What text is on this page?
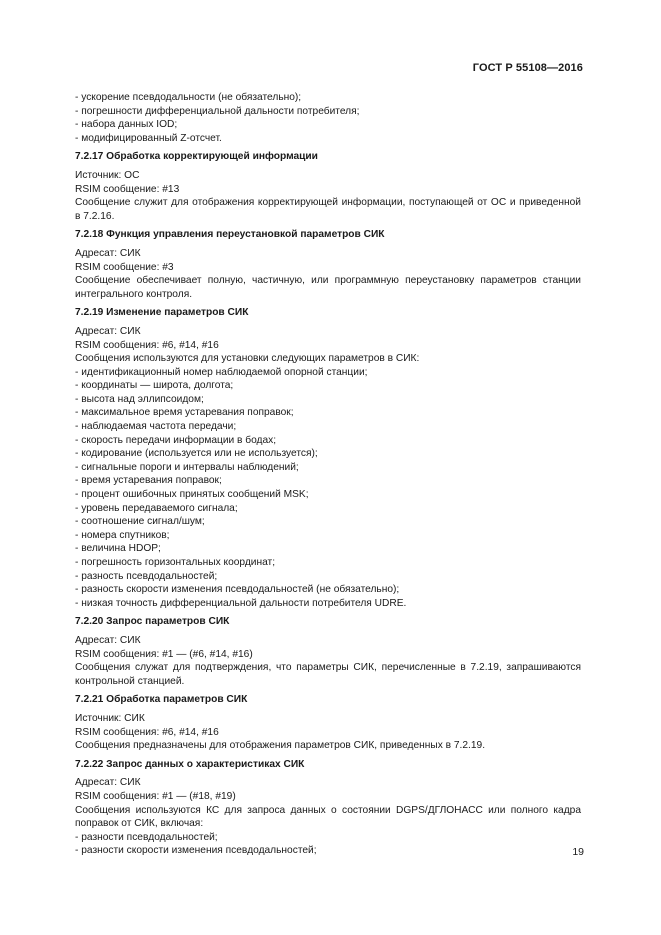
ГОСТ Р 55108—2016
- ускорение псевдодальности (не обязательно);
- погрешности дифференциальной дальности потребителя;
- набора данных IOD;
- модифицированный Z-отсчет.
7.2.17 Обработка корректирующей информации
Источник: ОС
RSIM сообщение: #13
Сообщение служит для отображения корректирующей информации, поступающей от ОС и приведенной в 7.2.16.
7.2.18 Функция управления переустановкой параметров СИК
Адресат: СИК
RSIM сообщение: #3
Сообщение обеспечивает полную, частичную, или программную переустановку параметров станции интегрального контроля.
7.2.19 Изменение параметров СИК
Адресат: СИК
RSIM сообщения: #6, #14, #16
Сообщения используются для установки следующих параметров в СИК:
- идентификационный номер наблюдаемой опорной станции;
- координаты — широта, долгота;
- высота над эллипсоидом;
- максимальное время устаревания поправок;
- наблюдаемая частота передачи;
- скорость передачи информации в бодах;
- кодирование (используется или не используется);
- сигнальные пороги и интервалы наблюдений;
- время устаревания поправок;
- процент ошибочных принятых сообщений MSK;
- уровень передаваемого сигнала;
- соотношение сигнал/шум;
- номера спутников;
- величина HDOP;
- погрешность горизонтальных координат;
- разность псевдодальностей;
- разность скорости изменения псевдодальностей (не обязательно);
- низкая точность дифференциальной дальности потребителя UDRE.
7.2.20 Запрос параметров СИК
Адресат: СИК
RSIM сообщения: #1 — (#6, #14, #16)
Сообщения служат для подтверждения, что параметры СИК, перечисленные в 7.2.19, запрашиваются контрольной станцией.
7.2.21 Обработка параметров СИК
Источник: СИК
RSIM сообщения: #6, #14, #16
Сообщения предназначены для отображения параметров СИК, приведенных в 7.2.19.
7.2.22 Запрос данных о характеристиках СИК
Адресат: СИК
RSIM сообщения: #1 — (#18, #19)
Сообщения используются КС для запроса данных о состоянии DGPS/ДГЛОНАСС или полного кадра поправок от СИК, включая:
- разности псевдодальностей;
- разности скорости изменения псевдодальностей;	19
